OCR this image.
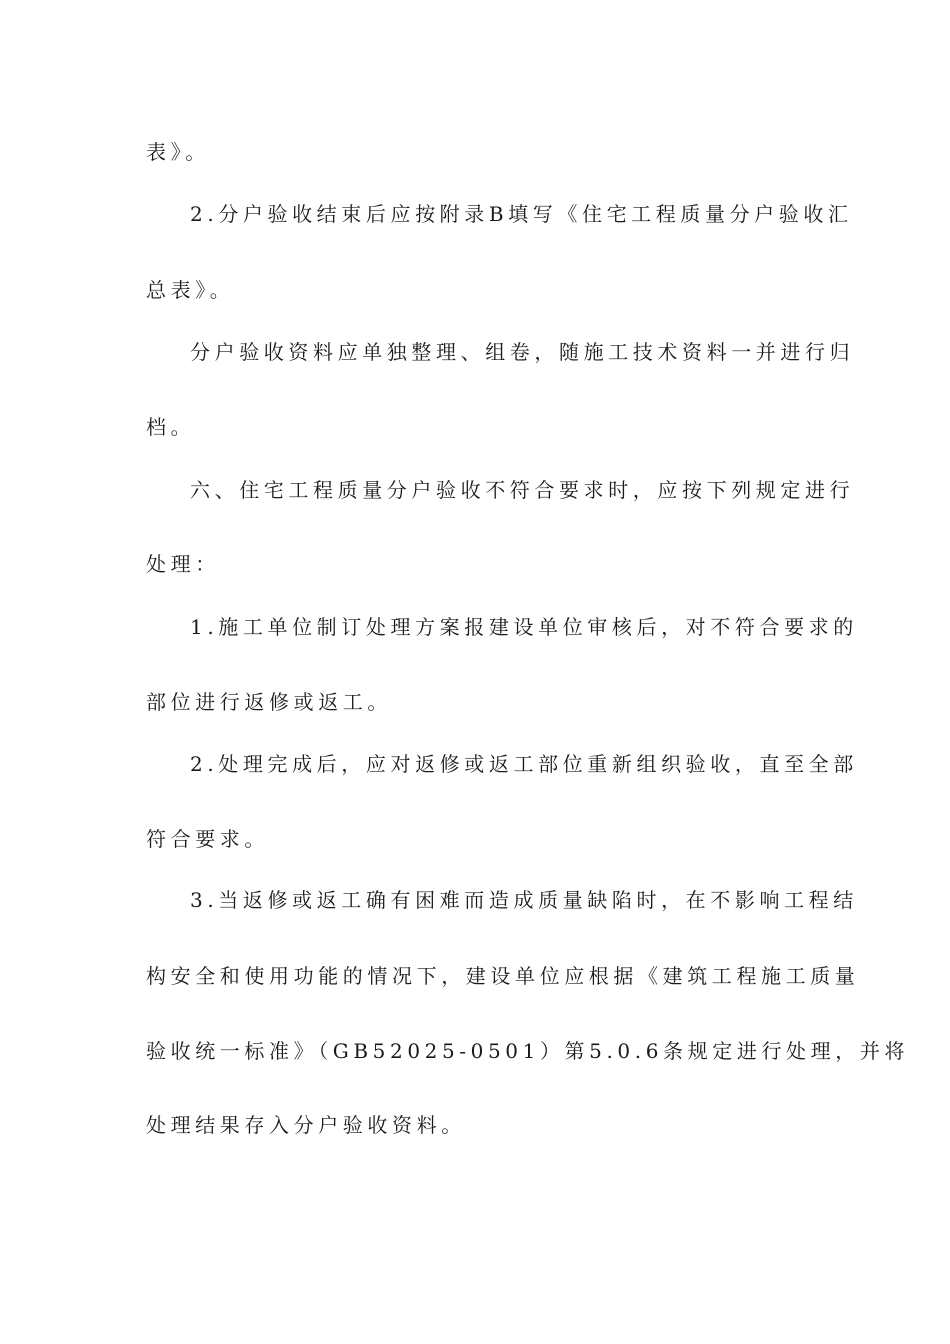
表》。
2.分户验收结束后应按附录B填写《住宅工程质量分户验收汇
总表》。
分户验收资料应单独整理、组卷，随施工技术资料一并进行归
档。
六、住宅工程质量分户验收不符合要求时，应按下列规定进行
处理：
1.施工单位制订处理方案报建设单位审核后，对不符合要求的
部位进行返修或返工。
2.处理完成后，应对返修或返工部位重新组织验收，直至全部
符合要求。
3.当返修或返工确有困难而造成质量缺陷时，在不影响工程结
构安全和使用功能的情况下，建设单位应根据《建筑工程施工质量
验收统一标准》（GB52025-0501）第5.0.6条规定进行处理，并将
处理结果存入分户验收资料。
